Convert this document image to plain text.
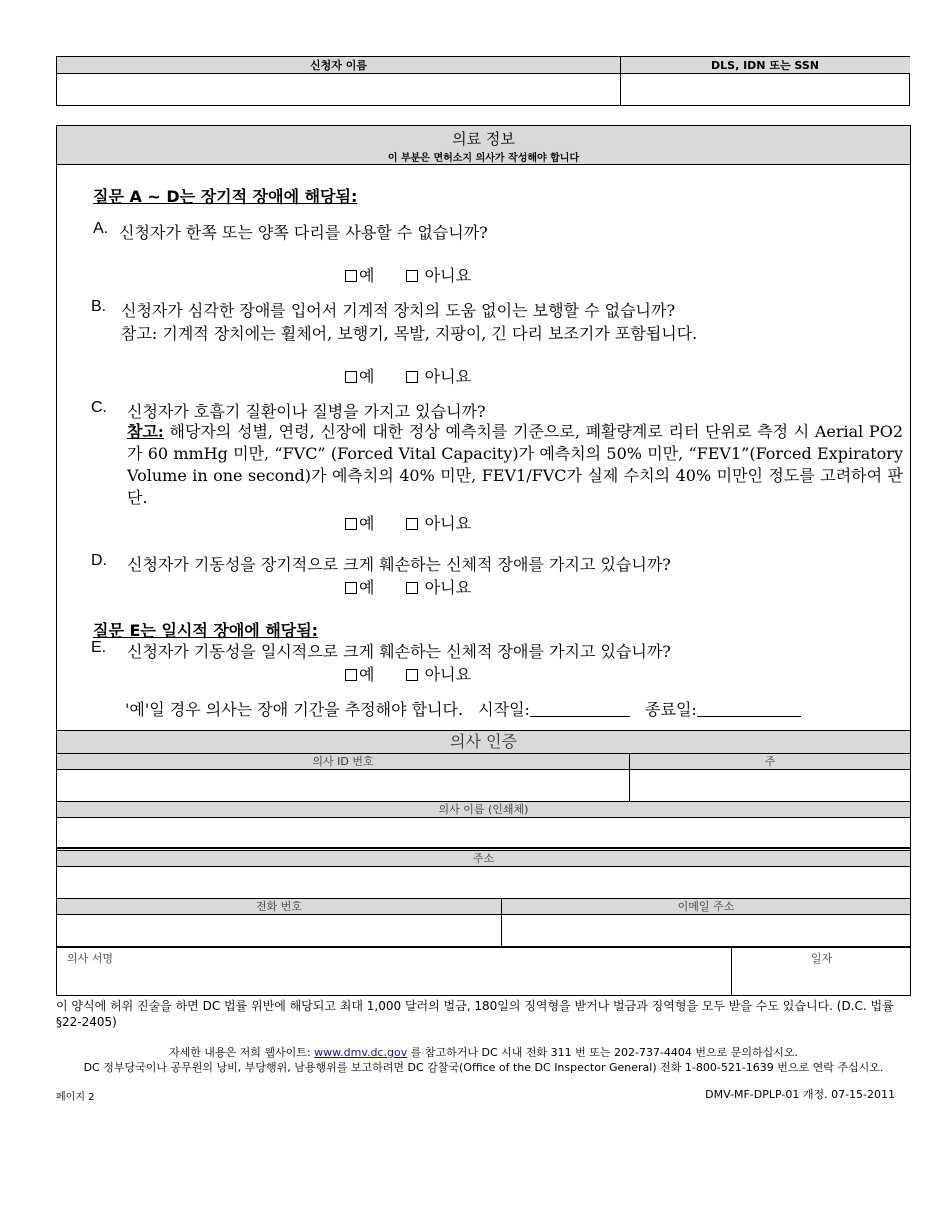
신청자 이름	DLS, IDN 또는 SSN
의료 정보
이 부분은 면허소지 의사가 작성해야 합니다
질문 A ~ D는 장기적 장애에 해당됨:
A. 신청자가 한쪽 또는 양쪽 다리를 사용할 수 없습니까?
예	아니요
B. 신청자가 심각한 장애를 입어서 기계적 장치의 도움 없이는 보행할 수 없습니까?
참고: 기계적 장치에는 휠체어, 보행기, 목발, 지팡이, 긴 다리 보조기가 포함됩니다.
예	아니요
C. 신청자가 호흡기 질환이나 질병을 가지고 있습니까?
참고: 해당자의 성별, 연령, 신장에 대한 정상 예측치를 기준으로, 폐활량계로 리터 단위로 측정 시 Aerial PO2가 60 mmHg 미만, “FVC” (Forced Vital Capacity)가 예측치의 50% 미만, “FEV1”(Forced Expiratory Volume in one second)가 예측치의 40% 미만, FEV1/FVC가 실제 수치의 40% 미만인 정도를 고려하여 판단.
예	아니요
D. 신청자가 기동성을 장기적으로 크게 훼손하는 신체적 장애를 가지고 있습니까?
예	아니요
질문 E는 일시적 장애에 해당됨:
E. 신청자가 기동성을 일시적으로 크게 훼손하는 신체적 장애를 가지고 있습니까?
예	아니요
'예'일 경우 의사는 장애 기간을 추정해야 합니다. 시작일:	종료일:
의사 인증
의사 ID 번호	주
의사 이름 (인쇄체)
주소
전화 번호	이메일 주소
의사 서명	일자
이 양식에 허위 진술을 하면 DC 법률 위반에 해당되고 최대 1,000 달러의 벌금, 180일의 징역형을 받거나 벌금과 징역형을 모두 받을 수도 있습니다. (D.C. 법률 §22-2405)
자세한 내용은 저희 웹사이트: www.dmv.dc.gov 를 참고하거나 DC 시내 전화 311 번 또는 202-737-4404 번으로 문의하십시오.
DC 정부당국이나 공무원의 낭비, 부당행위, 남용행위를 보고하려면 DC 감찰국(Office of the DC Inspector General) 전화 1-800-521-1639 번으로 연락 주십시오.
페이지 2	DMV-MF-DPLP-01 개정. 07-15-2011
